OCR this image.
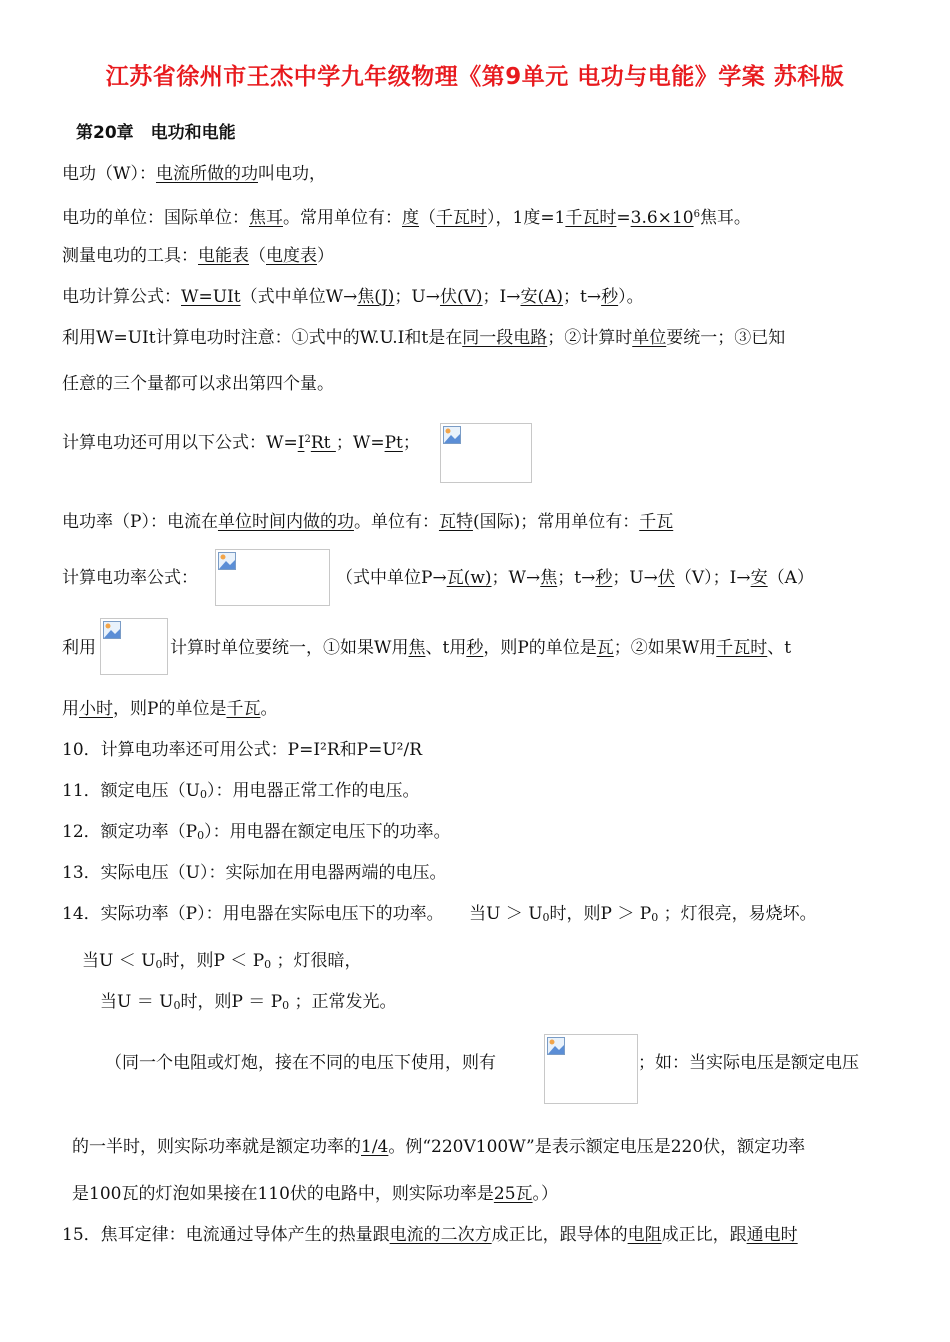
江苏省徐州市王杰中学九年级物理《第9单元 电功与电能》学案 苏科版
第20章　电功和电能
电功（W）：电流所做的功叫电功，
电功的单位：国际单位：焦耳。常用单位有：度（千瓦时），1度=1千瓦时$=3.6\times 10^6$焦耳。
测量电功的工具：电能表（电度表）
电功计算公式：W=UIt（式中单位W→焦(J)；U→伏(V)；I→安(A)；t→秒）。
利用W=UIt计算电功时注意：①式中的W.U.I和t是在同一段电路；②计算时单位要统一；③已知
任意的三个量都可以求出第四个量。
计算电功还可用以下公式：$W=I^2Rt$ ；W=Pt；
电功率（P）：电流在单位时间内做的功。单位有：瓦特(国际)；常用单位有：千瓦
计算电功率公式：	（式中单位P→瓦(w)；W→焦；t→秒；U→伏（V）；I→安（A）
利用	计算时单位要统一，①如果W用焦、t用秒，则P的单位是瓦；②如果W用千瓦时、t
用小时，则P的单位是千瓦。
10．计算电功率还可用公式：P=I²R和P=U²/R
11．额定电压$(U_0)$：用电器正常工作的电压。
12．额定功率$(P_0)$：用电器在额定电压下的功率。
13．实际电压（U）：实际加在用电器两端的电压。
14．实际功率（P）：用电器在实际电压下的功率。　　当$U > U_0$时，则$P > P_0$ ；灯很亮，易烧坏。
当$U < U_0$时，则$P < P_0$ ；灯很暗，
当$U = U_0$时，则$P = P_0$ ；正常发光。
（同一个电阻或灯炮，接在不同的电压下使用，则有	；如：当实际电压是额定电压
的一半时，则实际功率就是额定功率的1/4。例“220V100W”是表示额定电压是220伏，额定功率
是100瓦的灯泡如果接在110伏的电路中，则实际功率是25瓦。）
15．焦耳定律：电流通过导体产生的热量跟电流的二次方成正比，跟导体的电阻成正比，跟通电时
